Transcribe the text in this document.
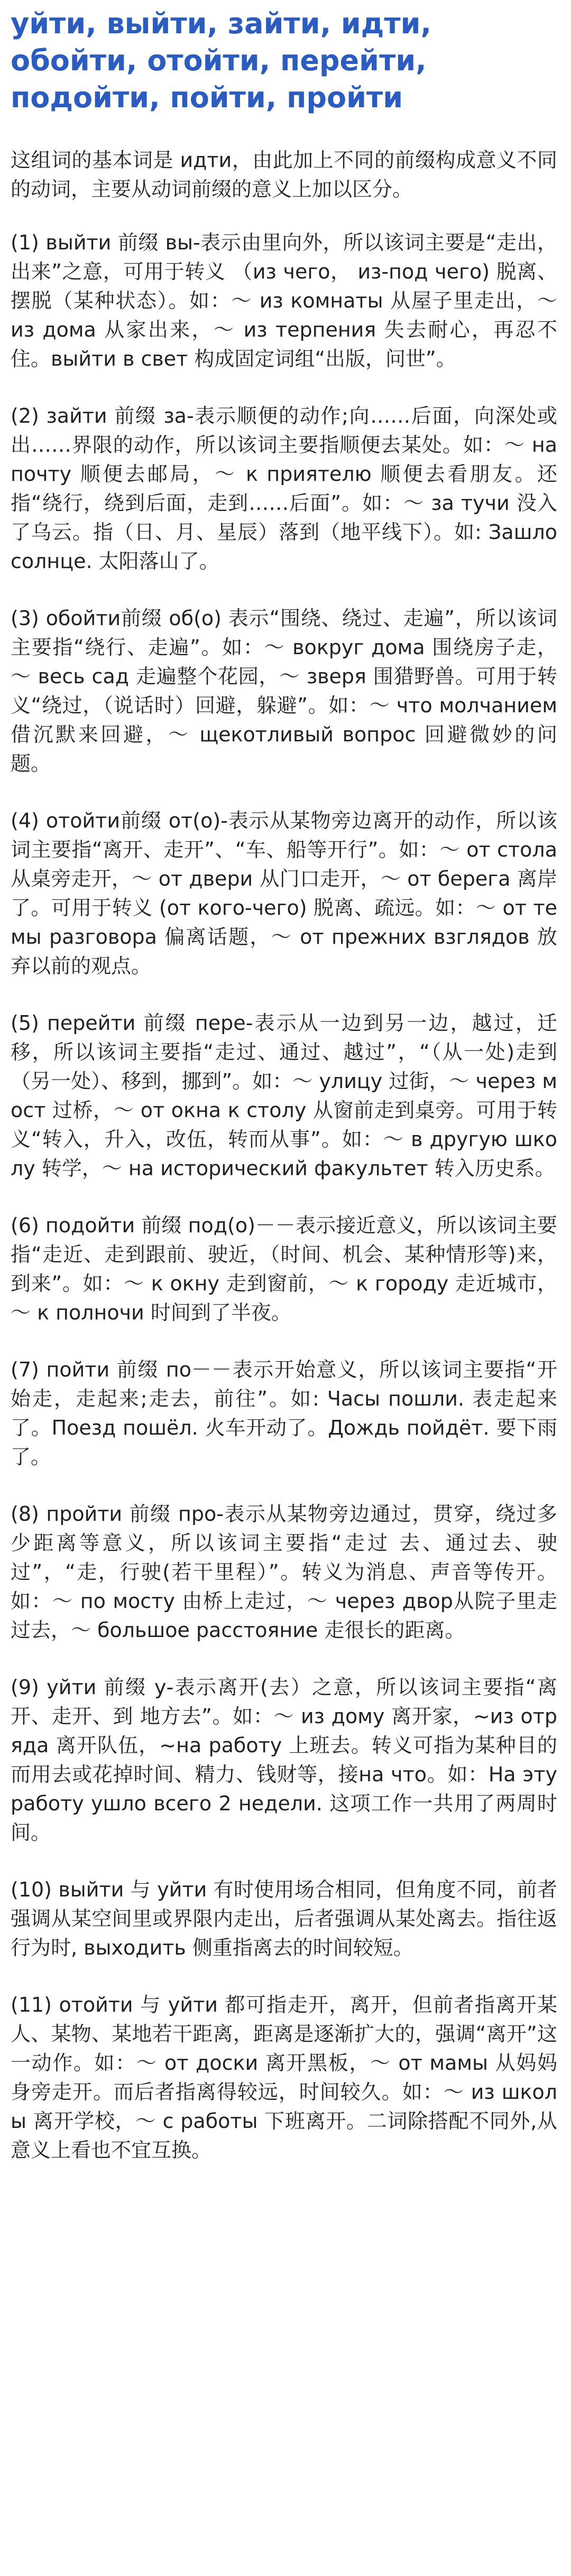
уйти, выйти, зайти, идти, обойти, отойти, перейти, подойти, пойти, пройти

这组词的基本词是 идти，由此加上不同的前缀构成意义不同的动词，主要从动词前缀的意义上加以区分。

(1) выйти 前缀 вы-表示由里向外，所以该词主要是“走出，出来”之意，可用于转义 （из чего， из-под чего) 脱离、摆脱（某种状态）。如：～ из комнаты 从屋子里走出，～ из дома 从家出来，～ из терпения 失去耐心，再忍不住。выйти в свет 构成固定词组“出版，问世”。

(2) зайти 前缀 за-表示顺便的动作;向……后面，向深处或出……界限的动作，所以该词主要指顺便去某处。如：～ на почту 顺便去邮局，～ к приятелю 顺便去看朋友。还指“绕行，绕到后面，走到……后面”。如：～ за тучи 没入了乌云。指（日、月、星辰）落到（地平线下）。如: Зашло солнце. 太阳落山了。

(3) обойти前缀 об(о) 表示“围绕、绕过、走遍”，所以该词主要指“绕行、走遍”。如：～ вокруг дома 围绕房子走，～ весь сад 走遍整个花园，～ зверя 围猎野兽。可用于转义“绕过，（说话时）回避，躲避”。如：～ что молчанием 借沉默来回避，～ щекотливый вопрос 回避微妙的问题。

(4) отойти前缀 от(о)-表示从某物旁边离开的动作，所以该词主要指“离开、走开”、“车、船等开行”。如：～ от стола 从桌旁走开，～ от двери 从门口走开，～ от берега 离岸了。可用于转义 (от кого-чего) 脱离、疏远。如：～ от темы разговора 偏离话题，～ от прежних взглядов 放弃以前的观点。

(5) перейти 前缀 пере-表示从一边到另一边，越过，迁移，所以该词主要指“走过、通过、越过”，“（从一处)走到（另一处）、移到，挪到”。如：～ улицу 过街，～ через мост 过桥，～ от окна к столу 从窗前走到桌旁。可用于转义“转入，升入，改伍，转而从事”。如：～ в другую школу 转学，～ на исторический факультет 转入历史系。

(6) подойти 前缀 под(о)－－表示接近意义，所以该词主要指“走近、走到跟前、驶近，（时间、机会、某种情形等)来，到来”。如：～ к окну 走到窗前，～ к городу 走近城市，～ к полночи 时间到了半夜。

(7) пойти 前缀 по－－表示开始意义，所以该词主要指“开始走，走起来;走去，前往”。如: Часы пошли. 表走起来了。Поезд пошёл. 火车开动了。Дождь пойдёт. 要下雨了。

(8) пройти 前缀 про-表示从某物旁边通过，贯穿，绕过多少距离等意义，所以该词主要指“走过 去、通过去、驶过”，“走，行驶(若干里程）”。转义为消息、声音等传开。如：～ по мосту 由桥上走过，～ через двор从院子里走过去，～ большое расстояние 走很长的距离。

(9) уйти 前缀 у-表示离开(去）之意，所以该词主要指“离开、走开、到 地方去”。如：～ из дому 离开家，~из отряда 离开队伍，~на работу 上班去。转义可指为某种目的而用去或花掉时间、精力、钱财等，接на что。如：На эту работу ушло всего 2 недели. 这项工作一共用了两周时间。

(10) выйти 与 уйти 有时使用场合相同，但角度不同，前者强调从某空间里或界限内走出，后者强调从某处离去。指往返行为时, выходить 侧重指离去的时间较短。

(11) отойти 与 уйти 都可指走开，离开，但前者指离开某人、某物、某地若干距离，距离是逐渐扩大的，强调“离开”这一动作。如：～ от доски 离开黑板，～ от мамы 从妈妈身旁走开。而后者指离得较远，时间较久。如：～ из школы 离开学校，～ с работы 下班离开。二词除搭配不同外,从意义上看也不宜互换。
